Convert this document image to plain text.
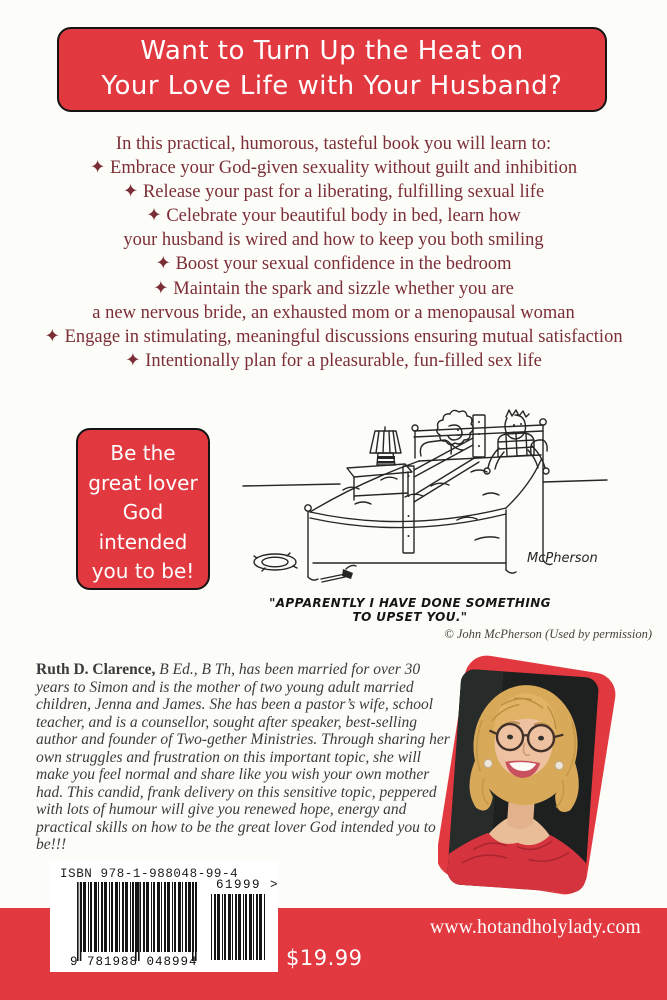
Want to Turn Up the Heat on
Your Love Life with Your Husband?
In this practical, humorous, tasteful book you will learn to:
✦ Embrace your God-given sexuality without guilt and inhibition
✦ Release your past for a liberating, fulfilling sexual life
✦ Celebrate your beautiful body in bed, learn how
your husband is wired and how to keep you both smiling
✦ Boost your sexual confidence in the bedroom
✦ Maintain the spark and sizzle whether you are
a new nervous bride, an exhausted mom or a menopausal woman
✦ Engage in stimulating, meaningful discussions ensuring mutual satisfaction
✦ Intentionally plan for a pleasurable, fun-filled sex life
Be the
great lover
God
intended
you to be!
McPherson
"APPARENTLY I HAVE DONE SOMETHING
TO UPSET YOU."
© John McPherson (Used by permission)
Ruth D. Clarence, B Ed., B Th, has been married for over 30 years to Simon and is the mother of two young adult married children, Jenna and James. She has been a pastor’s wife, school teacher, and is a counsellor, sought after speaker, best-selling author and founder of Two-gether Ministries. Through sharing her own struggles and frustration on this important topic, she will make you feel normal and share like you wish your own mother had. This candid, frank delivery on this sensitive topic, peppered with lots of humour will give you renewed hope, energy and practical skills on how to be the great lover God intended you to be!!!
www.hotandholylady.com
$19.99
ISBN 978-1-988048-99-4
9 781988 048994
61999 >
